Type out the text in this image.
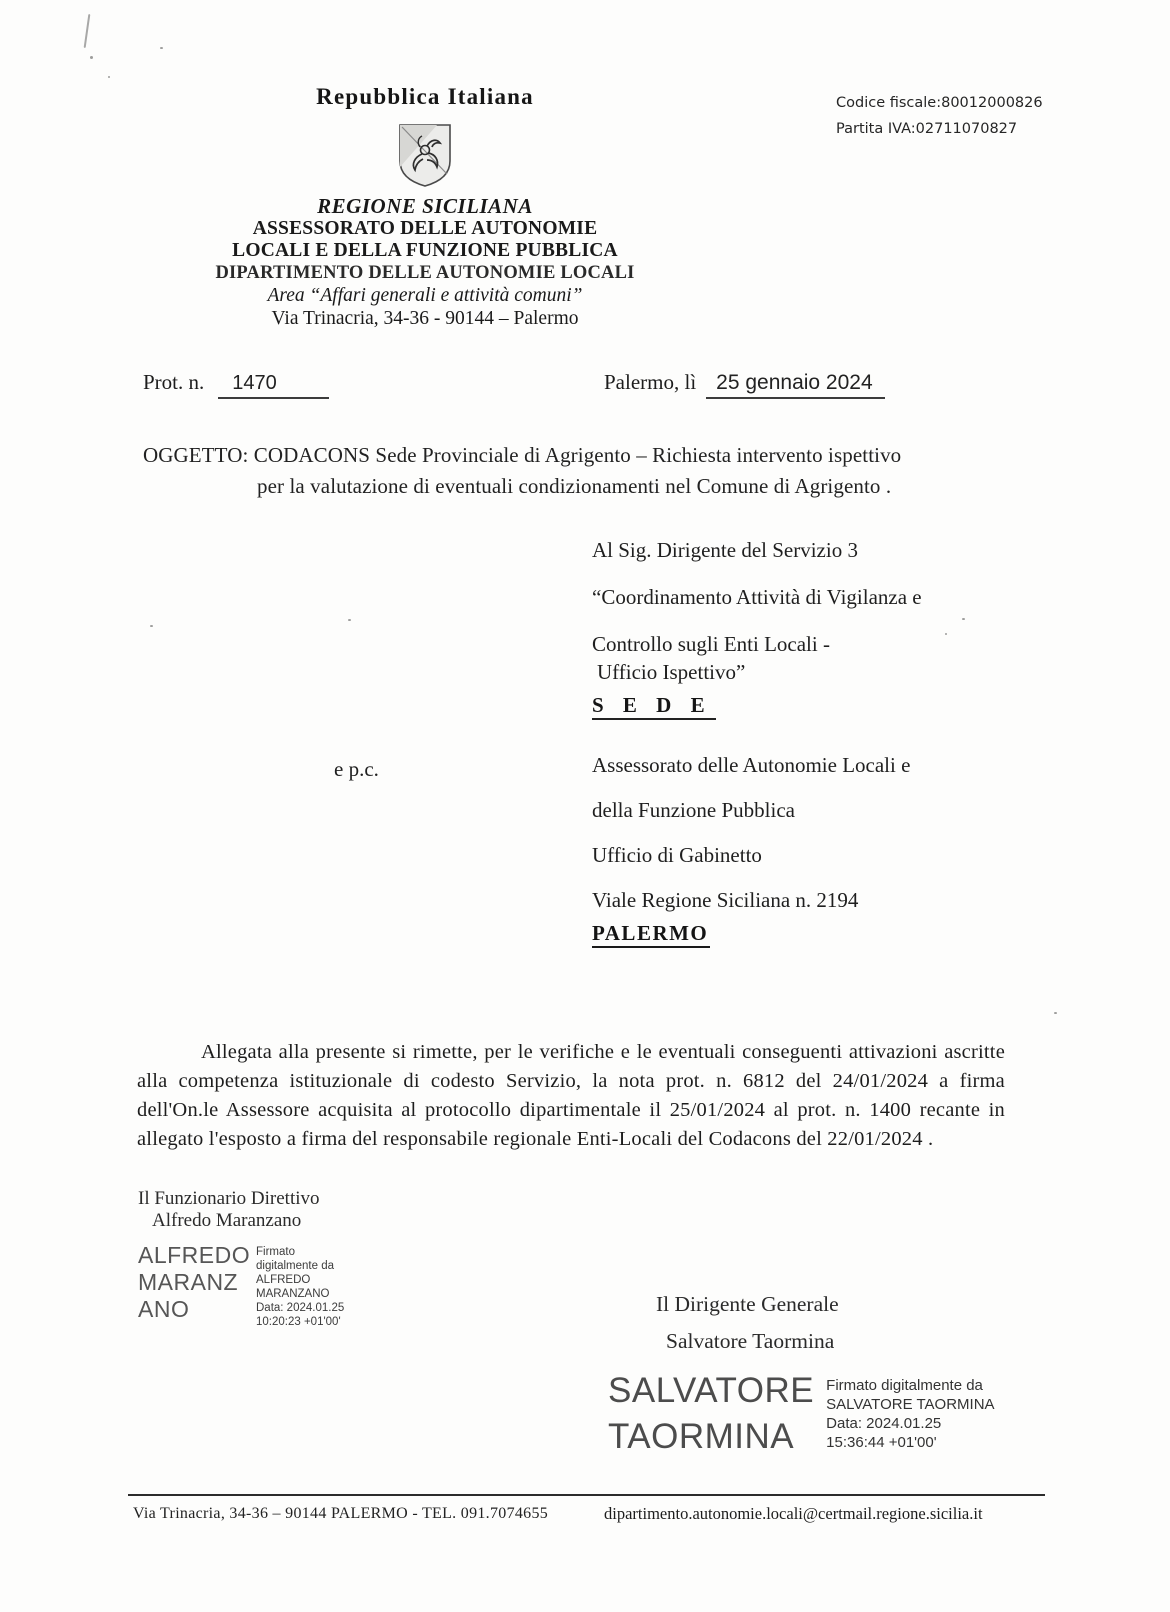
Codice fiscale:80012000826
Partita IVA:02711070827
Repubblica Italiana
REGIONE SICILIANA
ASSESSORATO DELLE AUTONOMIE
LOCALI E DELLA FUNZIONE PUBBLICA
DIPARTIMENTO DELLE AUTONOMIE LOCALI
Area “Affari generali e attività comuni”
Via Trinacria, 34-36 - 90144 – Palermo
Prot. n. 1470	Palermo, lì 25 gennaio 2024
OGGETTO: CODACONS Sede Provinciale di Agrigento – Richiesta intervento ispettivo
per la valutazione di eventuali condizionamenti nel Comune di Agrigento .
Al Sig. Dirigente del Servizio 3
“Coordinamento Attività di Vigilanza e
Controllo sugli Enti Locali -
Ufficio Ispettivo”
S E D E
e p.c.	Assessorato delle Autonomie Locali e
della Funzione Pubblica
Ufficio di Gabinetto
Viale Regione Siciliana n. 2194
PALERMO
Allegata alla presente si rimette, per le verifiche e le eventuali conseguenti attivazioni ascritte alla competenza istituzionale di codesto Servizio, la nota prot. n. 6812 del 24/01/2024 a firma dell'On.le Assessore acquisita al protocollo dipartimentale il 25/01/2024 al prot. n. 1400 recante in allegato l'esposto a firma del responsabile regionale Enti-Locali del Codacons del 22/01/2024 .
Il Funzionario Direttivo
Alfredo Maranzano
ALFREDO
MARANZ
ANO
Firmato
digitalmente da
ALFREDO
MARANZANO
Data: 2024.01.25
10:20:23 +01'00'
Il Dirigente Generale
Salvatore Taormina
SALVATORE
TAORMINA
Firmato digitalmente da
SALVATORE TAORMINA
Data: 2024.01.25
15:36:44 +01'00'
Via Trinacria, 34-36 – 90144 PALERMO - TEL. 091.7074655	dipartimento.autonomie.locali@certmail.regione.sicilia.it
